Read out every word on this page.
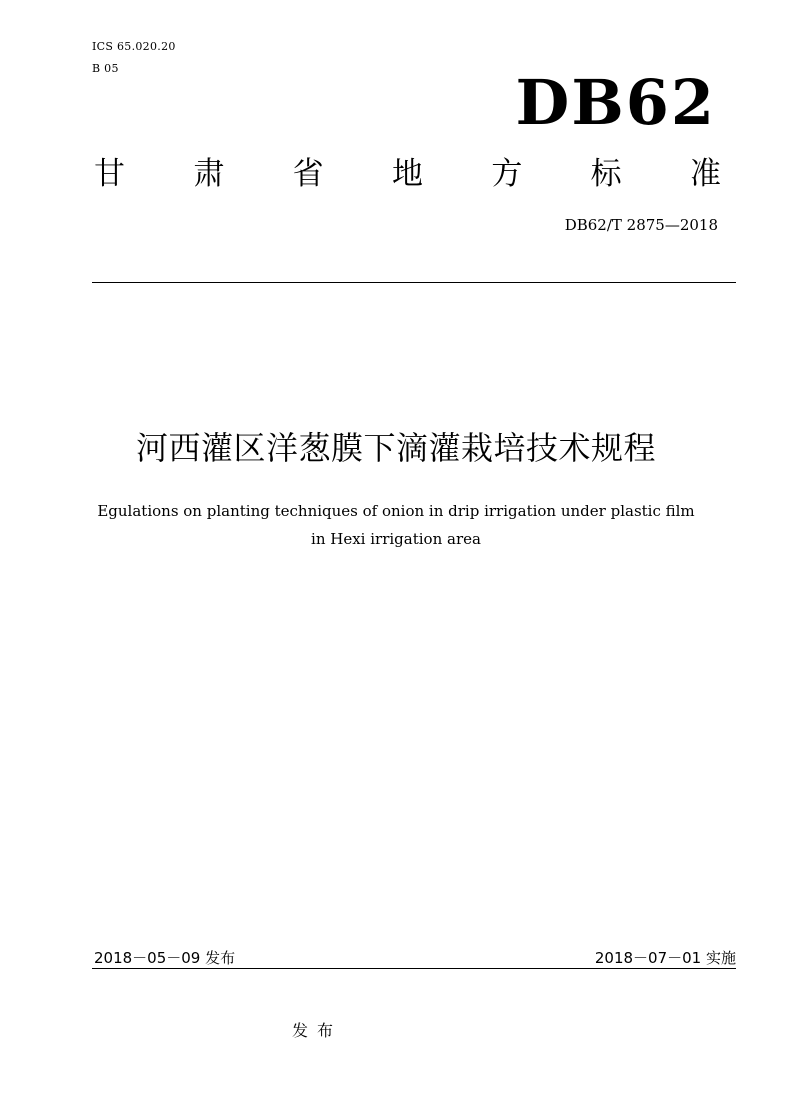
ICS 65.020.20
B 05	DB62
甘 肃 省 地 方 标 准
DB62/T 2875—2018
河西灌区洋葱膜下滴灌栽培技术规程
Egulations on planting techniques of onion in drip irrigation under plastic film
in Hexi irrigation area
2018－05－09 发布	2018－07－01 实施
发布
